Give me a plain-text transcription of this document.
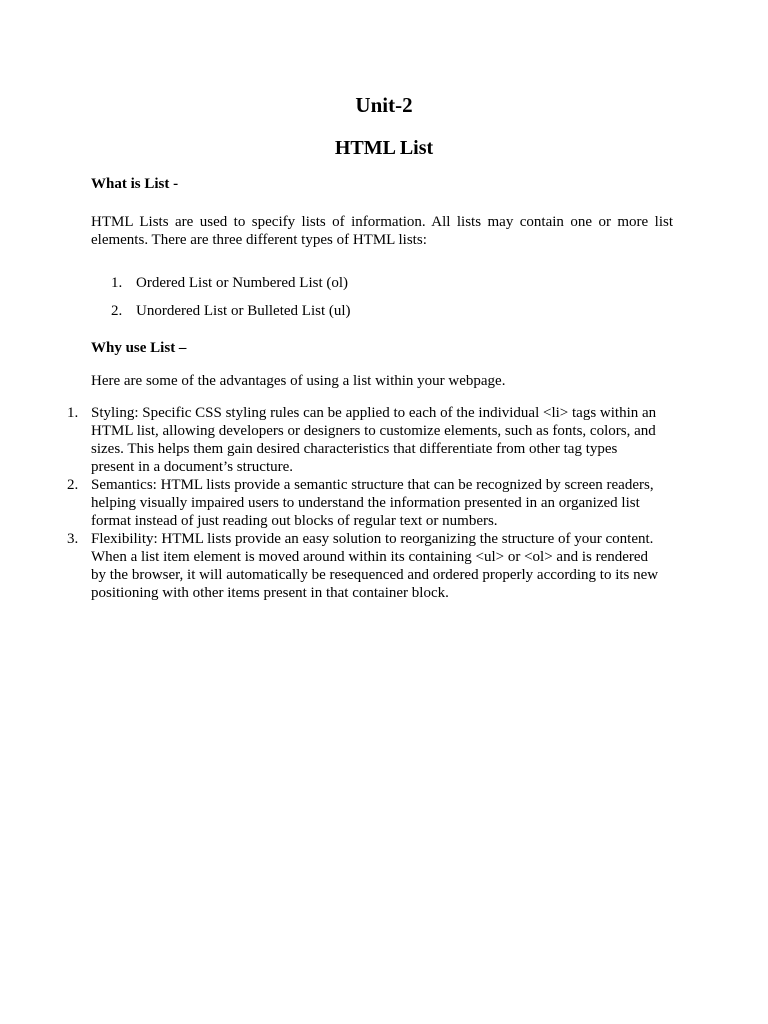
Unit-2
HTML List
What is List -

HTML Lists are used to specify lists of information. All lists may contain one or more list elements. There are three different types of HTML lists:

1. Ordered List or Numbered List (ol)
2. Unordered List or Bulleted List (ul)
Why use List –

Here are some of the advantages of using a list within your webpage.

1. Styling: Specific CSS styling rules can be applied to each of the individual <li> tags within an HTML list, allowing developers or designers to customize elements, such as fonts, colors, and sizes. This helps them gain desired characteristics that differentiate from other tag types present in a document’s structure.
2. Semantics: HTML lists provide a semantic structure that can be recognized by screen readers, helping visually impaired users to understand the information presented in an organized list format instead of just reading out blocks of regular text or numbers.
3. Flexibility: HTML lists provide an easy solution to reorganizing the structure of your content. When a list item element is moved around within its containing <ul> or <ol> and is rendered by the browser, it will automatically be resequenced and ordered properly according to its new positioning with other items present in that container block.
